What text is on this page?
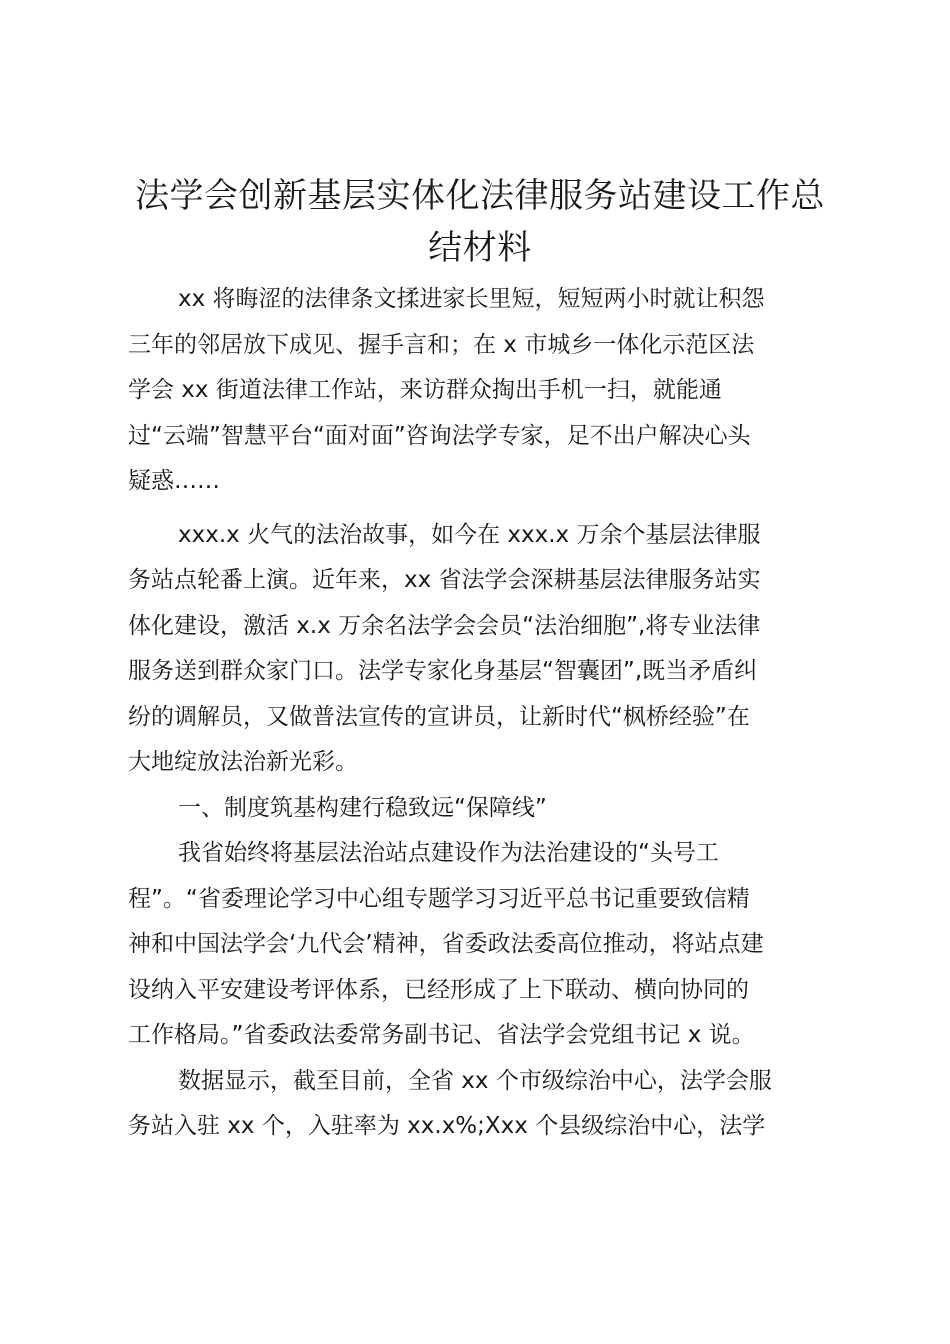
法学会创新基层实体化法律服务站建设工作总
结材料
xx 将晦涩的法律条文揉进家长里短，短短两小时就让积怨
三年的邻居放下成见、握手言和；在 x 市城乡一体化示范区法
学会 xx 街道法律工作站，来访群众掏出手机一扫，就能通
过“云端”智慧平台“面对面”咨询法学专家，足不出户解决心头
疑惑……
xxx.x 火气的法治故事，如今在 xxx.x 万余个基层法律服
务站点轮番上演。近年来，xx 省法学会深耕基层法律服务站实
体化建设，激活 x.x 万余名法学会会员“法治细胞”,将专业法律
服务送到群众家门口。法学专家化身基层“智囊团”,既当矛盾纠
纷的调解员，又做普法宣传的宣讲员，让新时代“枫桥经验”在
大地绽放法治新光彩。
一、制度筑基构建行稳致远“保障线”
我省始终将基层法治站点建设作为法治建设的“头号工
程”。“省委理论学习中心组专题学习习近平总书记重要致信精
神和中国法学会‘九代会’精神，省委政法委高位推动，将站点建
设纳入平安建设考评体系，已经形成了上下联动、横向协同的
工作格局。”省委政法委常务副书记、省法学会党组书记 x 说。
数据显示，截至目前，全省 xx 个市级综治中心，法学会服
务站入驻 xx 个，入驻率为 xx.x%;Xxx 个县级综治中心，法学
